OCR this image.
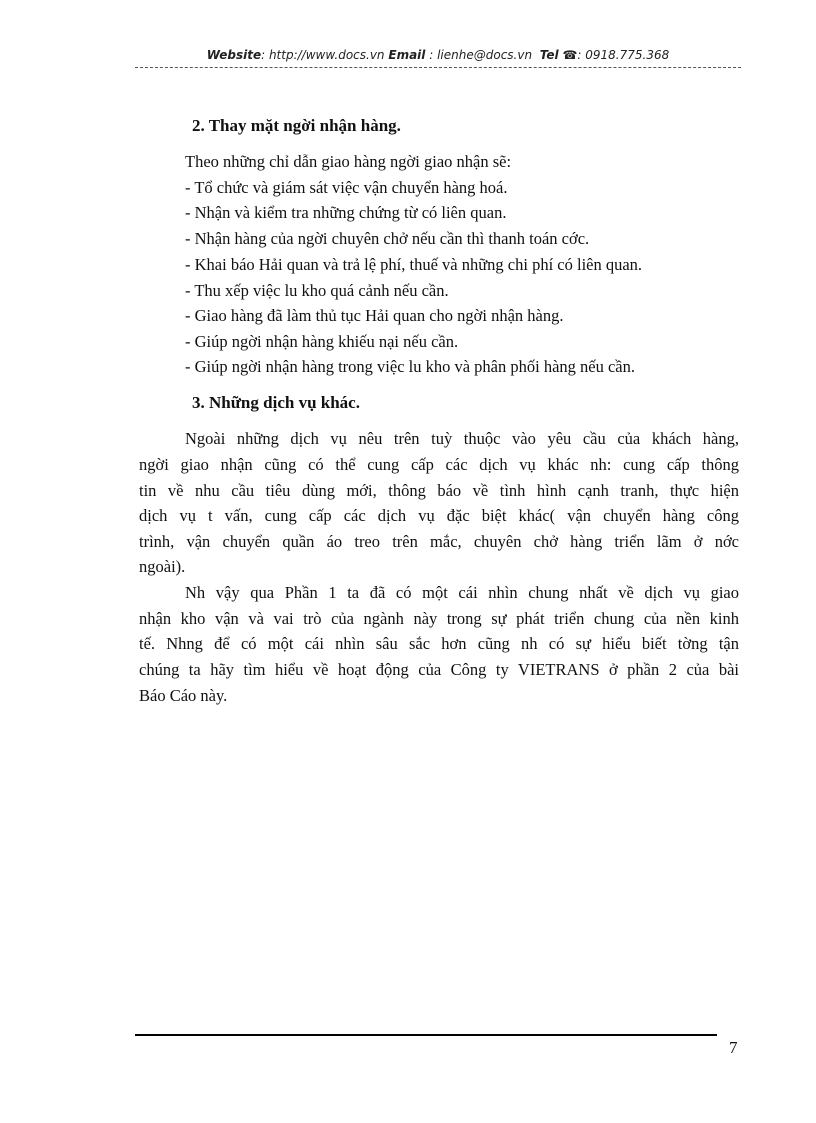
Website: http://www.docs.vn Email : lienhe@docs.vn Tel ☎: 0918.775.368
2. Thay mặt ngời nhận hàng.
Theo những chỉ dẫn giao hàng ngời giao nhận sẽ:
- Tổ chức và giám sát việc vận chuyển hàng hoá.
- Nhận và kiểm tra những chứng từ có liên quan.
- Nhận hàng của ngời chuyên chở nếu cần thì thanh toán cớc.
- Khai báo Hải quan và trả lệ phí, thuế và những chi phí có liên quan.
- Thu xếp việc lu kho quá cảnh nếu cần.
- Giao hàng đã làm thủ tục Hải quan cho ngời nhận hàng.
- Giúp ngời nhận hàng khiếu nại nếu cần.
- Giúp ngời nhận hàng trong việc lu kho và phân phối hàng nếu cần.
3. Những dịch vụ khác.
Ngoài những dịch vụ nêu trên tuỳ thuộc vào yêu cầu của khách hàng,
ngời giao nhận cũng có thể cung cấp các dịch vụ khác nh: cung cấp thông
tin về nhu cầu tiêu dùng mới, thông báo về tình hình cạnh tranh, thực hiện
dịch vụ t vấn, cung cấp các dịch vụ đặc biệt khác( vận chuyển hàng công
trình, vận chuyển quần áo treo trên mắc, chuyên chở hàng triển lãm ở nớc
ngoài).
Nh vậy qua Phần 1 ta đã có một cái nhìn chung nhất về dịch vụ giao
nhận kho vận và vai trò của ngành này trong sự phát triển chung của nền kinh
tế. Nhng để có một cái nhìn sâu sắc hơn cũng nh có sự hiểu biết tờng tận
chúng ta hãy tìm hiểu về hoạt động của Công ty VIETRANS ở phần 2 của bài
Báo Cáo này.
7
